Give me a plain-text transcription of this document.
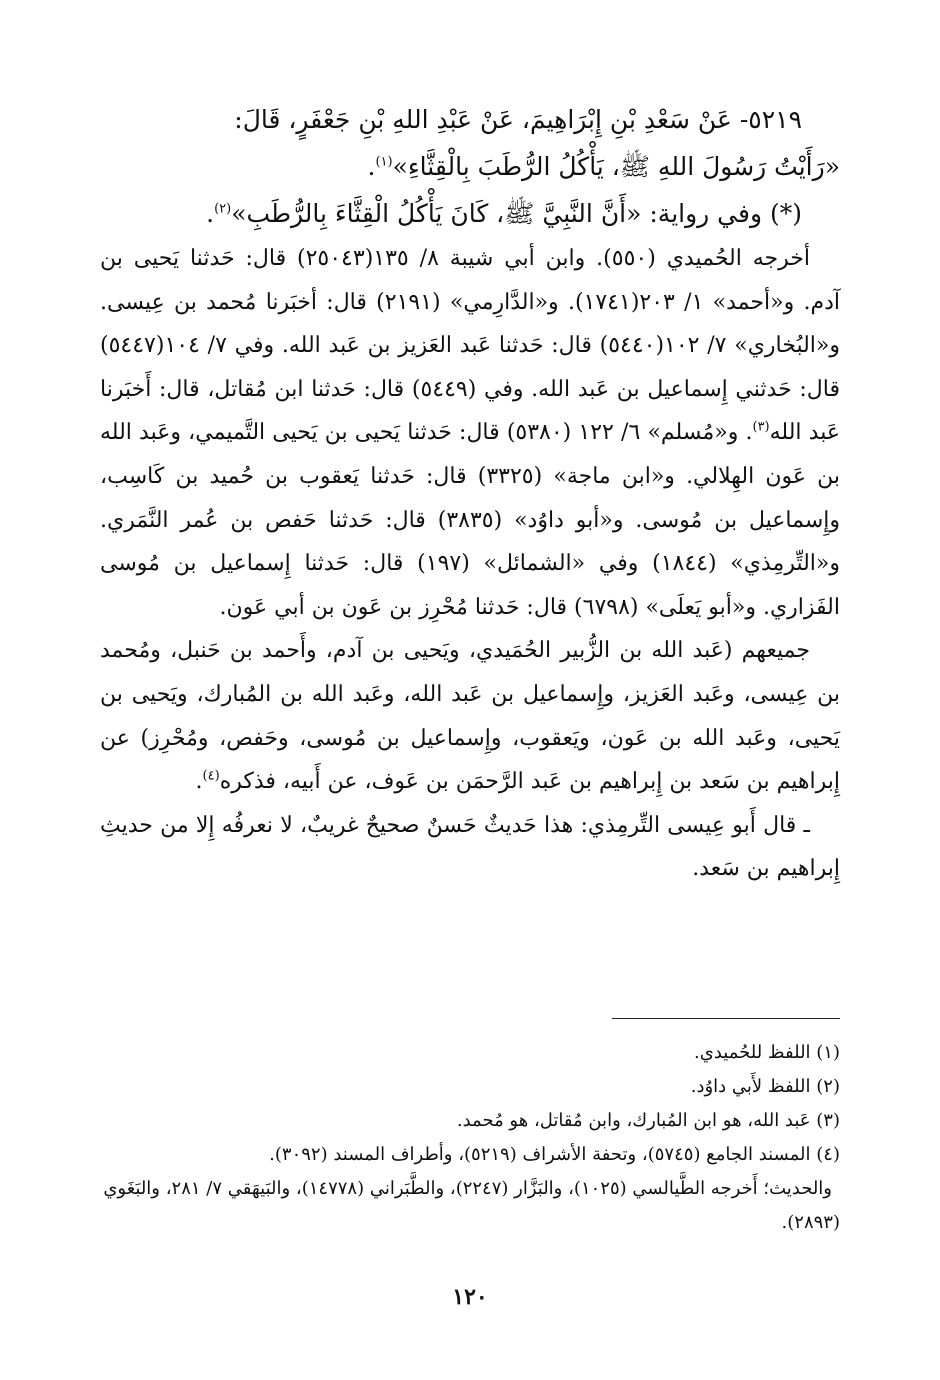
٥٢١٩- عَنْ سَعْدِ بْنِ إِبْرَاهِيمَ، عَنْ عَبْدِ اللهِ بْنِ جَعْفَرٍ، قَالَ:

«رَأَيْتُ رَسُولَ اللهِ ﷺ، يَأْكُلُ الرُّطَبَ بِالْقِثَّاءِ»$^{(١)}$.

(*) وفي رواية: «أَنَّ النَّبِيَّ ﷺ، كَانَ يَأْكُلُ الْقِثَّاءَ بِالرُّطَبِ»$^{(٢)}$.

أخرجه الحُميدي (٥٥٠). وابن أبي شيبة ٨/ ١٣٥(٢٥٠٤٣) قال: حَدثنا يَحيى بن آدم. و«أحمد» ١/ ٢٠٣(١٧٤١). و«الدَّارِمي» (٢١٩١) قال: أخبَرنا مُحمد بن عِيسى. و«البُخاري» ٧/ ١٠٢(٥٤٤٠) قال: حَدثنا عَبد العَزيز بن عَبد الله. وفي ٧/ ١٠٤(٥٤٤٧) قال: حَدثني إِسماعيل بن عَبد الله. وفي (٥٤٤٩) قال: حَدثنا ابن مُقاتل، قال: أَخبَرنا عَبد الله$^{(٣)}$. و«مُسلم» ٦/ ١٢٢ (٥٣٨٠) قال: حَدثنا يَحيى بن يَحيى التَّميمي، وعَبد الله بن عَون الهِلالي. و«ابن ماجة» (٣٣٢٥) قال: حَدثنا يَعقوب بن حُميد بن كَاسِب، وإِسماعيل بن مُوسى. و«أبو داوُد» (٣٨٣٥) قال: حَدثنا حَفص بن عُمر النَّمَري. و«التِّرمِذي» (١٨٤٤) وفي «الشمائل» (١٩٧) قال: حَدثنا إِسماعيل بن مُوسى الفَزاري. و«أبو يَعلَى» (٦٧٩٨) قال: حَدثنا مُحْرِز بن عَون بن أبي عَون.

جميعهم (عَبد الله بن الزُّبير الحُمَيدي، ويَحيى بن آدم، وأَحمد بن حَنبل، ومُحمد بن عِيسى، وعَبد العَزيز، وإِسماعيل بن عَبد الله، وعَبد الله بن المُبارك، ويَحيى بن يَحيى، وعَبد الله بن عَون، ويَعقوب، وإِسماعيل بن مُوسى، وحَفص، ومُحْرِز) عن إِبراهيم بن سَعد بن إِبراهيم بن عَبد الرَّحمَن بن عَوف، عن أَبيه، فذكره$^{(٤)}$.

ـ قال أَبو عِيسى التِّرمِذي: هذا حَديثٌ حَسنٌ صحيحٌ غريبٌ، لا نعرفُه إِلا من حديثِ إِبراهيم بن سَعد.

(١) اللفظ للحُميدي.

(٢) اللفظ لأَبي داوُد.

(٣) عَبد الله، هو ابن المُبارك، وابن مُقاتل، هو مُحمد.

(٤) المسند الجامع (٥٧٤٥)، وتحفة الأشراف (٥٢١٩)، وأطراف المسند (٣٠٩٢).

والحديث؛ أَخرجه الطَّيالسي (١٠٢٥)، والبَزَّار (٢٢٤٧)، والطَّبَراني (١٤٧٧٨)، والبَيهَقي ٧/ ٢٨١، والبَغَوي (٢٨٩٣).

١٢٠
